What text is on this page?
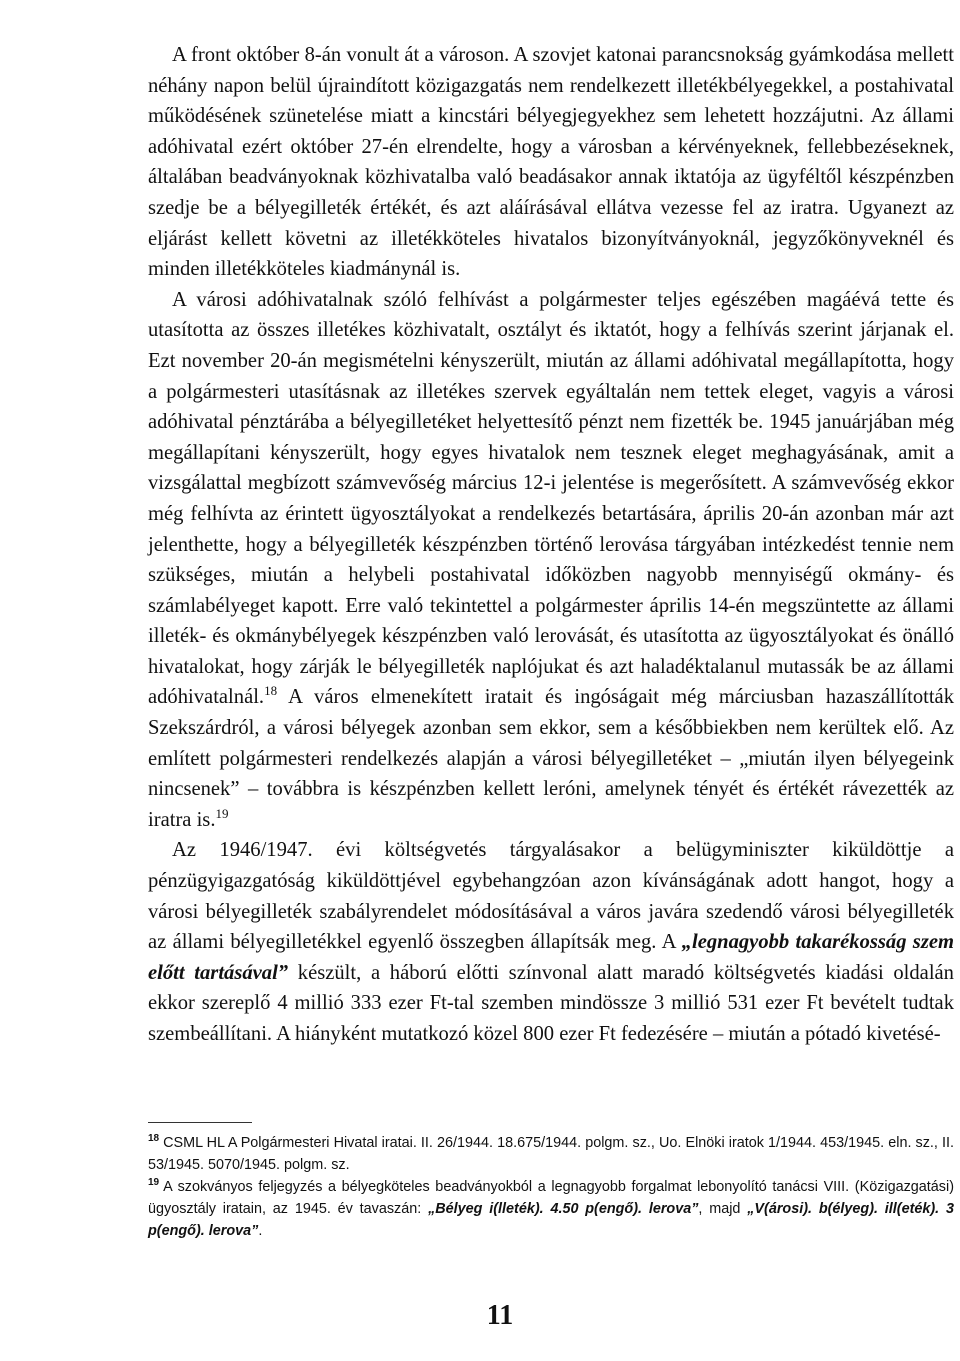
A front október 8-án vonult át a városon. A szovjet katonai parancsnokság gyámkodása mellett néhány napon belül újraindított közigazgatás nem rendelkezett illetékbélyegekkel, a postahivatal működésének szünetelése miatt a kincstári bélyegjegyekhez sem lehetett hozzájutni. Az állami adóhivatal ezért október 27-én elrendelte, hogy a városban a kérvényeknek, fellebbezéseknek, általában beadványoknak közhivatalba való beadásakor annak iktatója az ügyféltől készpénzben szedje be a bélyegilleték értékét, és azt aláírásával ellátva vezesse fel az iratra. Ugyanezt az eljárást kellett követni az illetékköteles hivatalos bizonyítványoknál, jegyzőkönyveknél és minden illetékköteles kiadmánynál is.

A városi adóhivatalnak szóló felhívást a polgármester teljes egészében magáévá tette és utasította az összes illetékes közhivatalt, osztályt és iktatót, hogy a felhívás szerint járjanak el. Ezt november 20-án megismételni kényszerült, miután az állami adóhivatal megállapította, hogy a polgármesteri utasításnak az illetékes szervek egyáltalán nem tettek eleget, vagyis a városi adóhivatal pénztárába a bélyegilletéket helyettesítő pénzt nem fizették be. 1945 januárjában még megállapítani kényszerült, hogy egyes hivatalok nem tesznek eleget meghagyásának, amit a vizsgálattal megbízott számvevőség március 12-i jelentése is megerősített. A számvevőség ekkor még felhívta az érintett ügyosztályokat a rendelkezés betartására, április 20-án azonban már azt jelenthette, hogy a bélyegilleték készpénzben történő lerovása tárgyában intézkedést tennie nem szükséges, miután a helybeli postahivatal időközben nagyobb mennyiségű okmány- és számlabélyeget kapott. Erre való tekintettel a polgármester április 14-én megszüntette az állami illeték- és okmánybélyegek készpénzben való lerovását, és utasította az ügyosztályokat és önálló hivatalokat, hogy zárják le bélyegilleték naplójukat és azt haladéktalanul mutassák be az állami adóhivatalnál.$^{18}$ A város elmenekített iratait és ingóságait még márciusban hazaszállították Szekszárdról, a városi bélyegek azonban sem ekkor, sem a későbbiekben nem kerültek elő. Az említett polgármesteri rendelkezés alapján a városi bélyegilletéket – „miután ilyen bélyegeink nincsenek” – továbbra is készpénzben kellett leróni, amelynek tényét és értékét rávezették az iratra is.$^{19}$

Az 1946/1947. évi költségvetés tárgyalásakor a belügyminiszter kiküldöttje a pénzügyigazgatóság kiküldöttjével egybehangzóan azon kívánságának adott hangot, hogy a városi bélyegilleték szabályrendelet módosításával a város javára szedendő városi bélyegilleték az állami bélyegilletékkel egyenlő összegben állapítsák meg. A „legnagyobb takarékosság szem előtt tartásával” készült, a háború előtti színvonal alatt maradó költségvetés kiadási oldalán ekkor szereplő 4 millió 333 ezer Ft-tal szemben mindössze 3 millió 531 ezer Ft bevételt tudtak szembeállítani. A hiányként mutatkozó közel 800 ezer Ft fedezésére – miután a pótadó kivetésé-

$^{18}$ CSML HL A Polgármesteri Hivatal iratai. II. 26/1944. 18.675/1944. polgm. sz., Uo. Elnöki iratok 1/1944. 453/1945. eln. sz., II. 53/1945. 5070/1945. polgm. sz.

$^{19}$ A szokványos feljegyzés a bélyegköteles beadványokból a legnagyobb forgalmat lebonyolító tanácsi VIII. (Közigazgatási) ügyosztály iratain, az 1945. év tavaszán: „Bélyeg i(lleték). 4.50 p(engő). lerova”, majd „V(árosi). b(élyeg). ill(eték). 3 p(engő). lerova”.

11
